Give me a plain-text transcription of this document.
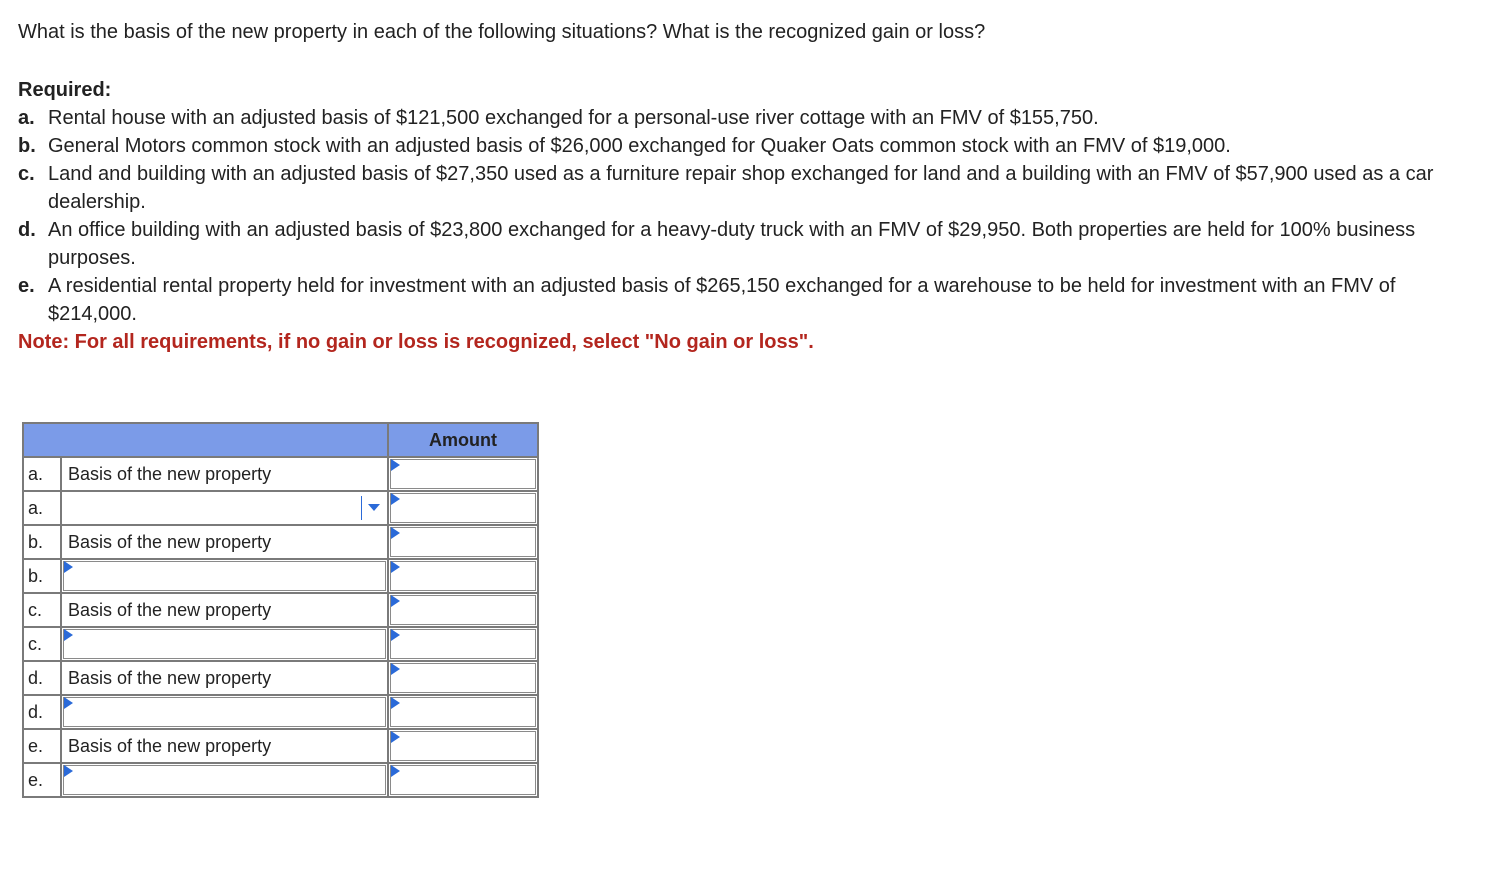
What is the basis of the new property in each of the following situations? What is the recognized gain or loss?

Required:

a. Rental house with an adjusted basis of $121,500 exchanged for a personal-use river cottage with an FMV of $155,750.
b. General Motors common stock with an adjusted basis of $26,000 exchanged for Quaker Oats common stock with an FMV of $19,000.
c. Land and building with an adjusted basis of $27,350 used as a furniture repair shop exchanged for land and a building with an FMV of $57,900 used as a car dealership.
d. An office building with an adjusted basis of $23,800 exchanged for a heavy-duty truck with an FMV of $29,950. Both properties are held for 100% business purposes.
e. A residential rental property held for investment with an adjusted basis of $265,150 exchanged for a warehouse to be held for investment with an FMV of $214,000.

Note: For all requirements, if no gain or loss is recognized, select "No gain or loss".

		Amount
a.	Basis of the new property	

a.	

b.	Basis of the new property	

b.	

c.	Basis of the new property	

c.	

d.	Basis of the new property	

d.	

e.	Basis of the new property	

e.	
